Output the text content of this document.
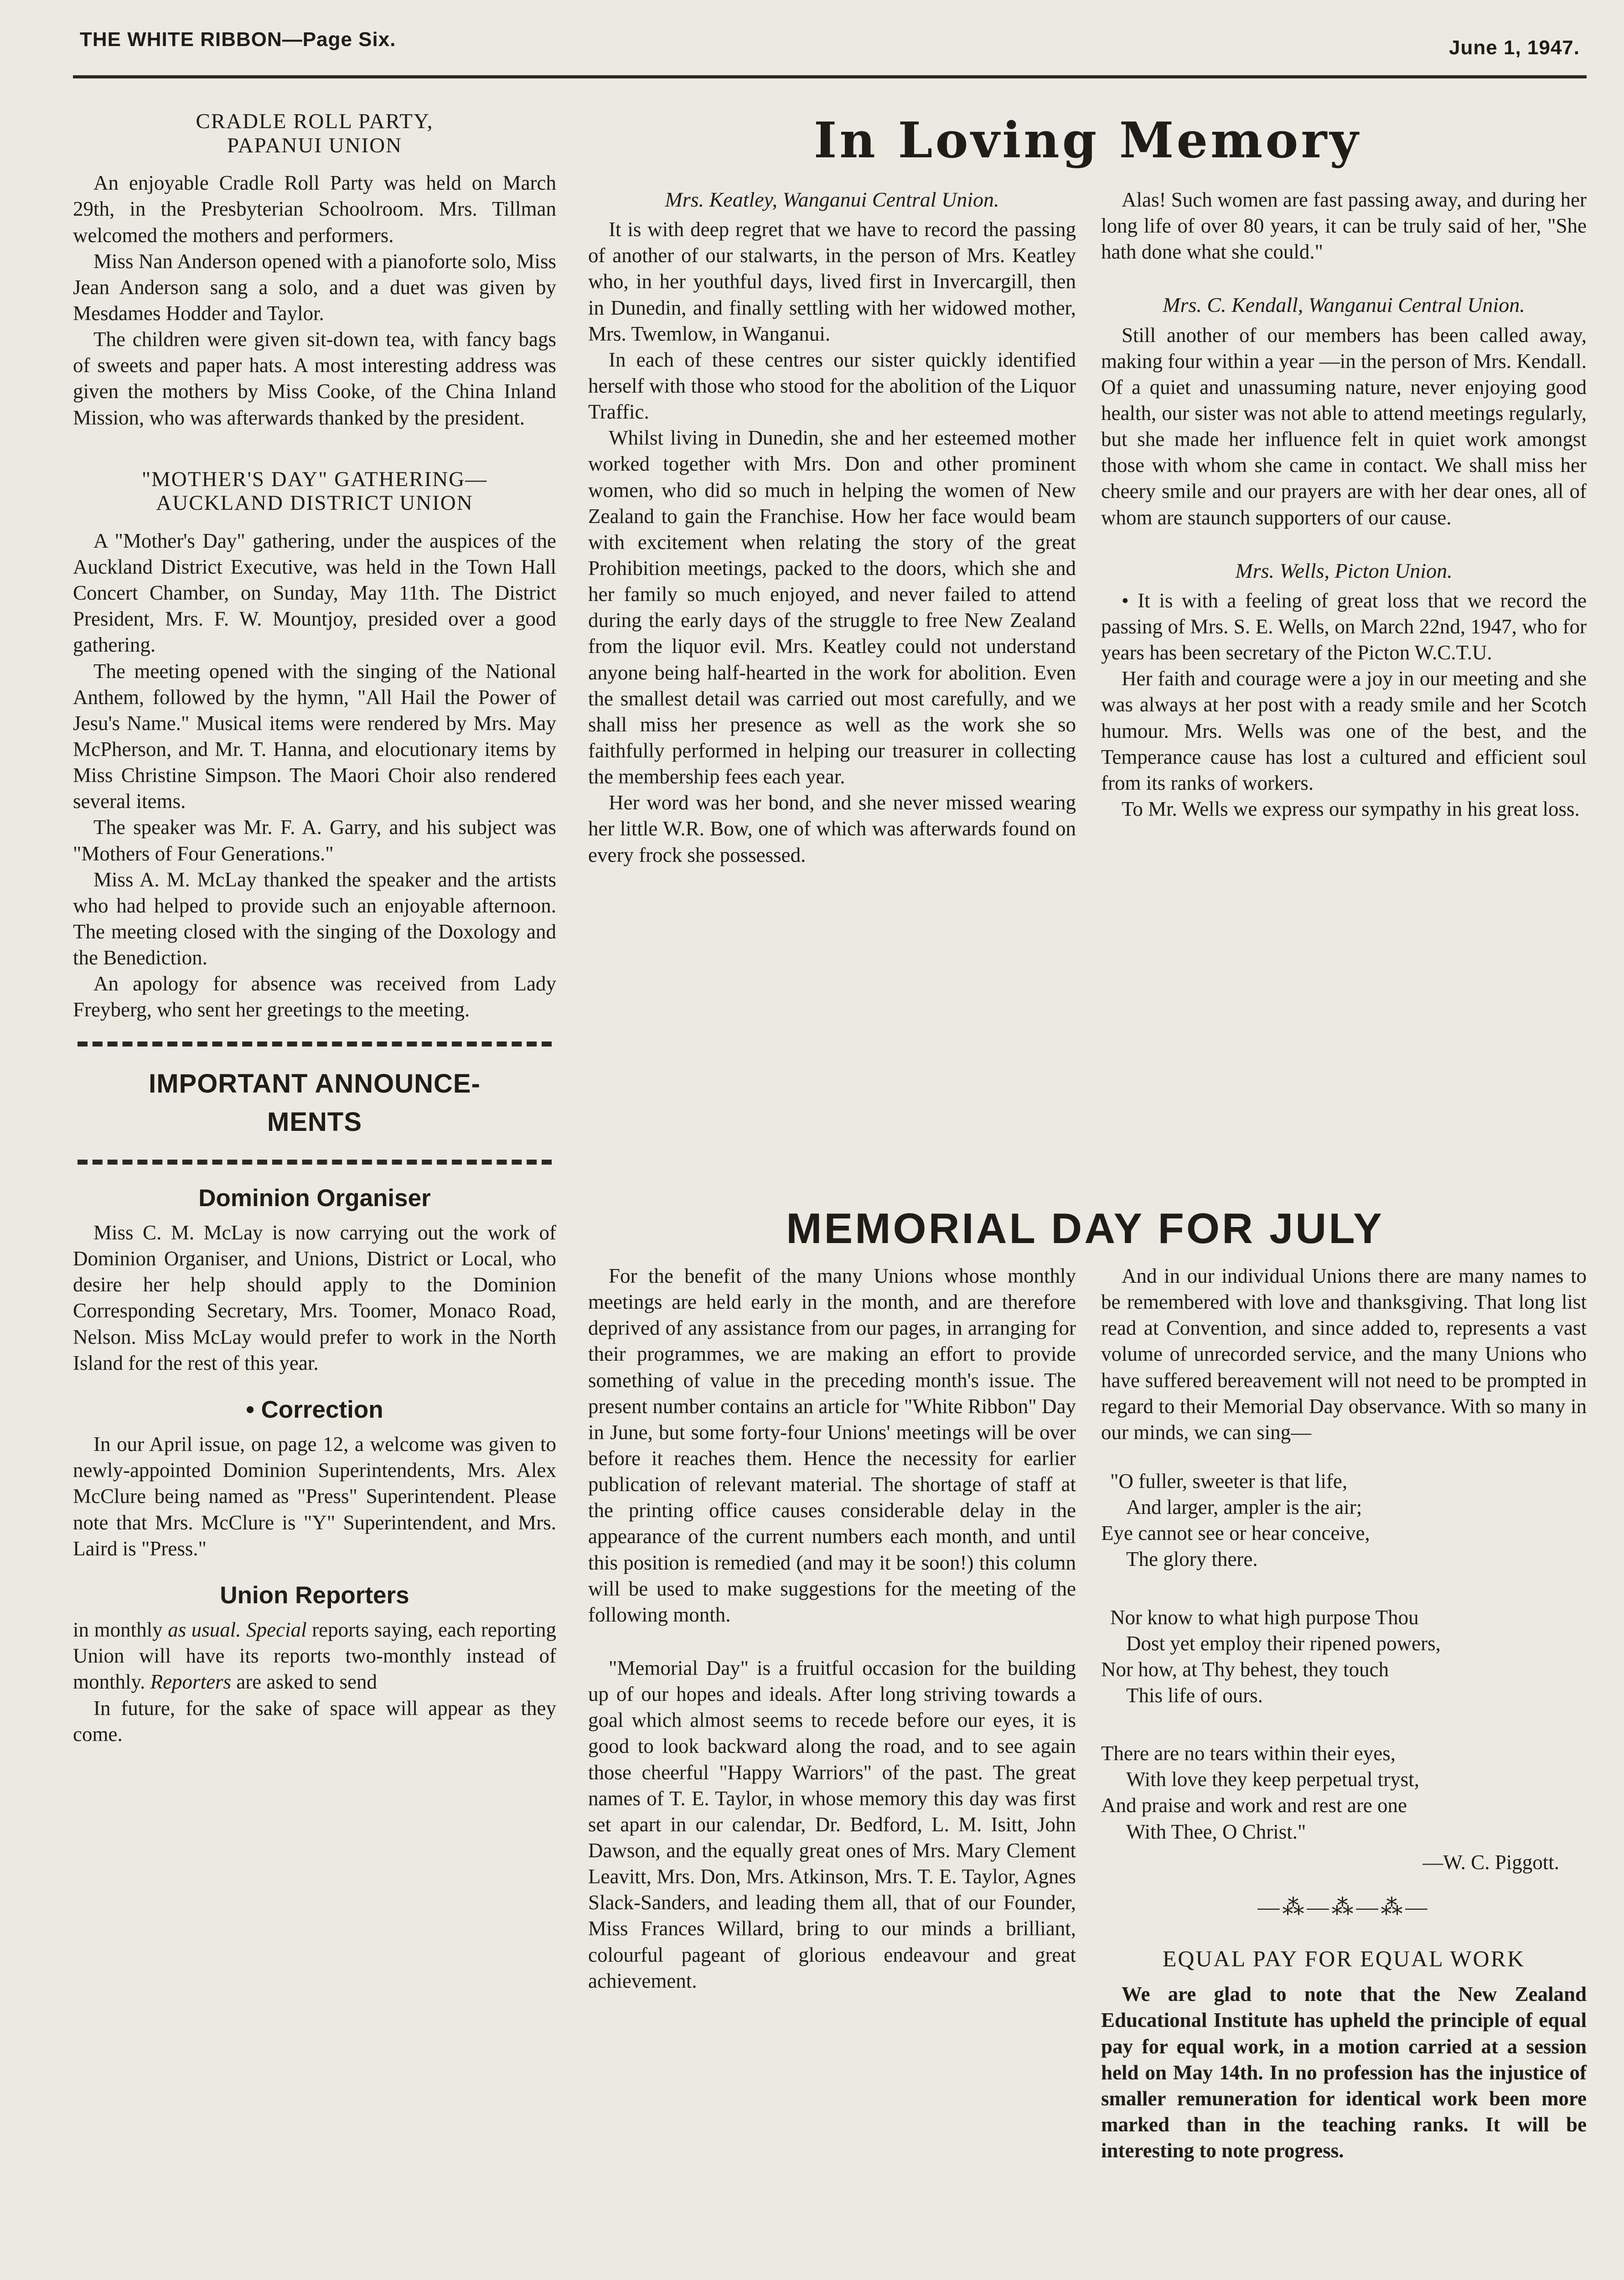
THE WHITE RIBBON—Page Six.	June 1, 1947.
CRADLE ROLL PARTY,
PAPANUI UNION

An enjoyable Cradle Roll Party was held on March 29th, in the Presbyterian Schoolroom. Mrs. Tillman welcomed the mothers and performers.

Miss Nan Anderson opened with a pianoforte solo, Miss Jean Anderson sang a solo, and a duet was given by Mesdames Hodder and Taylor.

The children were given sit-down tea, with fancy bags of sweets and paper hats. A most interesting address was given the mothers by Miss Cooke, of the China Inland Mission, who was afterwards thanked by the president.

"MOTHER'S DAY" GATHERING—
AUCKLAND DISTRICT UNION

A "Mother's Day" gathering, under the auspices of the Auckland District Executive, was held in the Town Hall Concert Chamber, on Sunday, May 11th. The District President, Mrs. F. W. Mountjoy, presided over a good gathering.

The meeting opened with the singing of the National Anthem, followed by the hymn, "All Hail the Power of Jesu's Name." Musical items were rendered by Mrs. May McPherson, and Mr. T. Hanna, and elocutionary items by Miss Christine Simpson. The Maori Choir also rendered several items.

The speaker was Mr. F. A. Garry, and his subject was "Mothers of Four Generations."

Miss A. M. McLay thanked the speaker and the artists who had helped to provide such an enjoyable afternoon. The meeting closed with the singing of the Doxology and the Benediction.

An apology for absence was received from Lady Freyberg, who sent her greetings to the meeting.

IMPORTANT ANNOUNCE-
MENTS
Dominion Organiser

Miss C. M. McLay is now carrying out the work of Dominion Organiser, and Unions, District or Local, who desire her help should apply to the Dominion Corresponding Secretary, Mrs. Toomer, Monaco Road, Nelson. Miss McLay would prefer to work in the North Island for the rest of this year.

• Correction

In our April issue, on page 12, a welcome was given to newly-appointed Dominion Superintendents, Mrs. Alex McClure being named as "Press" Superintendent. Please note that Mrs. McClure is "Y" Superintendent, and Mrs. Laird is "Press."

Union Reporters

in monthly as usual. Special reports saying, each reporting Union will have its reports two-monthly instead of monthly. Reporters are asked to send

In future, for the sake of space will appear as they come.

In Loving Memory
Mrs. Keatley, Wanganui Central Union.

It is with deep regret that we have to record the passing of another of our stalwarts, in the person of Mrs. Keatley who, in her youthful days, lived first in Invercargill, then in Dunedin, and finally settling with her widowed mother, Mrs. Twemlow, in Wanganui.

In each of these centres our sister quickly identified herself with those who stood for the abolition of the Liquor Traffic.

Whilst living in Dunedin, she and her esteemed mother worked together with Mrs. Don and other prominent women, who did so much in helping the women of New Zealand to gain the Franchise. How her face would beam with excitement when relating the story of the great Prohibition meetings, packed to the doors, which she and her family so much enjoyed, and never failed to attend during the early days of the struggle to free New Zealand from the liquor evil. Mrs. Keatley could not understand anyone being half-hearted in the work for abolition. Even the smallest detail was carried out most carefully, and we shall miss her presence as well as the work she so faithfully performed in helping our treasurer in collecting the membership fees each year.

Her word was her bond, and she never missed wearing her little W.R. Bow, one of which was afterwards found on every frock she possessed.

Alas! Such women are fast passing away, and during her long life of over 80 years, it can be truly said of her, "She hath done what she could."

Mrs. C. Kendall, Wanganui Central Union.

Still another of our members has been called away, making four within a year —in the person of Mrs. Kendall. Of a quiet and unassuming nature, never enjoying good health, our sister was not able to attend meetings regularly, but she made her influence felt in quiet work amongst those with whom she came in contact. We shall miss her cheery smile and our prayers are with her dear ones, all of whom are staunch supporters of our cause.

Mrs. Wells, Picton Union.

• It is with a feeling of great loss that we record the passing of Mrs. S. E. Wells, on March 22nd, 1947, who for years has been secretary of the Picton W.C.T.U.

Her faith and courage were a joy in our meeting and she was always at her post with a ready smile and her Scotch humour. Mrs. Wells was one of the best, and the Temperance cause has lost a cultured and efficient soul from its ranks of workers.

To Mr. Wells we express our sympathy in his great loss.

MEMORIAL DAY FOR JULY

For the benefit of the many Unions whose monthly meetings are held early in the month, and are therefore deprived of any assistance from our pages, in arranging for their programmes, we are making an effort to provide something of value in the preceding month's issue. The present number contains an article for "White Ribbon" Day in June, but some forty-four Unions' meetings will be over before it reaches them. Hence the necessity for earlier publication of relevant material. The shortage of staff at the printing office causes considerable delay in the appearance of the current numbers each month, and until this position is remedied (and may it be soon!) this column will be used to make suggestions for the meeting of the following month.

"Memorial Day" is a fruitful occasion for the building up of our hopes and ideals. After long striving towards a goal which almost seems to recede before our eyes, it is good to look backward along the road, and to see again those cheerful "Happy Warriors" of the past. The great names of T. E. Taylor, in whose memory this day was first set apart in our calendar, Dr. Bedford, L. M. Isitt, John Dawson, and the equally great ones of Mrs. Mary Clement Leavitt, Mrs. Don, Mrs. Atkinson, Mrs. T. E. Taylor, Agnes Slack-Sanders, and leading them all, that of our Founder, Miss Frances Willard, bring to our minds a brilliant, colourful pageant of glorious endeavour and great achievement.

And in our individual Unions there are many names to be remembered with love and thanksgiving. That long list read at Convention, and since added to, represents a vast volume of unrecorded service, and the many Unions who have suffered bereavement will not need to be prompted in regard to their Memorial Day observance. With so many in our minds, we can sing—

"O fuller, sweeter is that life,
And larger, ampler is the air;
Eye cannot see or hear conceive,
The glory there.
Nor know to what high purpose Thou
Dost yet employ their ripened powers,
Nor how, at Thy behest, they touch
This life of ours.
There are no tears within their eyes,
With love they keep perpetual tryst,
And praise and work and rest are one
With Thee, O Christ."
—W. C. Piggott.
—⁂—⁂—⁂—
EQUAL PAY FOR EQUAL WORK

We are glad to note that the New Zealand Educational Institute has upheld the principle of equal pay for equal work, in a motion carried at a session held on May 14th. In no profession has the injustice of smaller remuneration for identical work been more marked than in the teaching ranks. It will be interesting to note progress.
